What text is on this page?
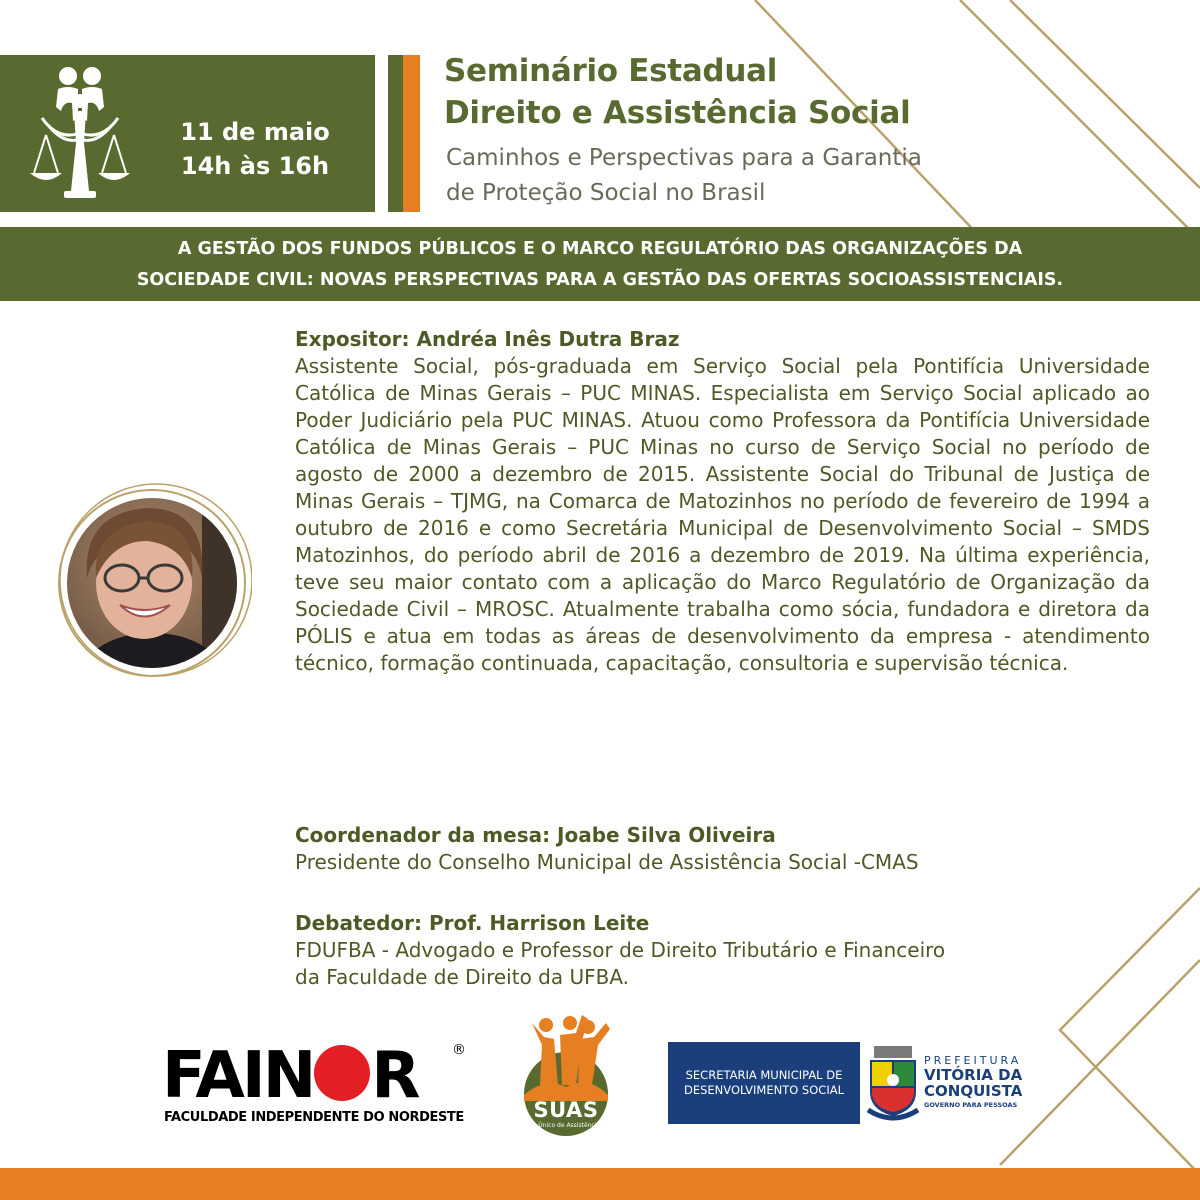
11 de maio
14h às 16h
Seminário Estadual
Direito e Assistência Social
Caminhos e Perspectivas para a Garantia
de Proteção Social no Brasil
A GESTÃO DOS FUNDOS PÚBLICOS E O MARCO REGULATÓRIO DAS ORGANIZAÇÕES DA
SOCIEDADE CIVIL: NOVAS PERSPECTIVAS PARA A GESTÃO DAS OFERTAS SOCIOASSISTENCIAIS.
Expositor: Andréa Inês Dutra Braz
Assistente Social, pós-graduada em Serviço Social pela Pontifícia Universidade Católica de Minas Gerais – PUC MINAS. Especialista em Serviço Social aplicado ao Poder Judiciário pela PUC MINAS. Atuou como Professora da Pontifícia Universidade Católica de Minas Gerais – PUC Minas no curso de Serviço Social no período de agosto de 2000 a dezembro de 2015. Assistente Social do Tribunal de Justiça de Minas Gerais – TJMG, na Comarca de Matozinhos no período de fevereiro de 1994 a outubro de 2016 e como Secretária Municipal de Desenvolvimento Social – SMDS Matozinhos, do período abril de 2016 a dezembro de 2019. Na última experiência, teve seu maior contato com a aplicação do Marco Regulatório de Organização da Sociedade Civil – MROSC. Atualmente trabalha como sócia, fundadora e diretora da PÓLIS e atua em todas as áreas de desenvolvimento da empresa - atendimento técnico, formação continuada, capacitação, consultoria e supervisão técnica.
Coordenador da mesa: Joabe Silva Oliveira
Presidente do Conselho Municipal de Assistência Social -CMAS
Debatedor: Prof. Harrison Leite
FDUFBA - Advogado e Professor de Direito Tributário e Financeiro
da Faculdade de Direito da UFBA.
FAIN R ®
FACULDADE INDEPENDENTE DO NORDESTE	SUAS
Sistema Único de Assistência Social
SECRETARIA MUNICIPAL DE
DESENVOLVIMENTO SOCIAL
PREFEITURA
VITÓRIA DA
CONQUISTA
GOVERNO PARA PESSOAS
